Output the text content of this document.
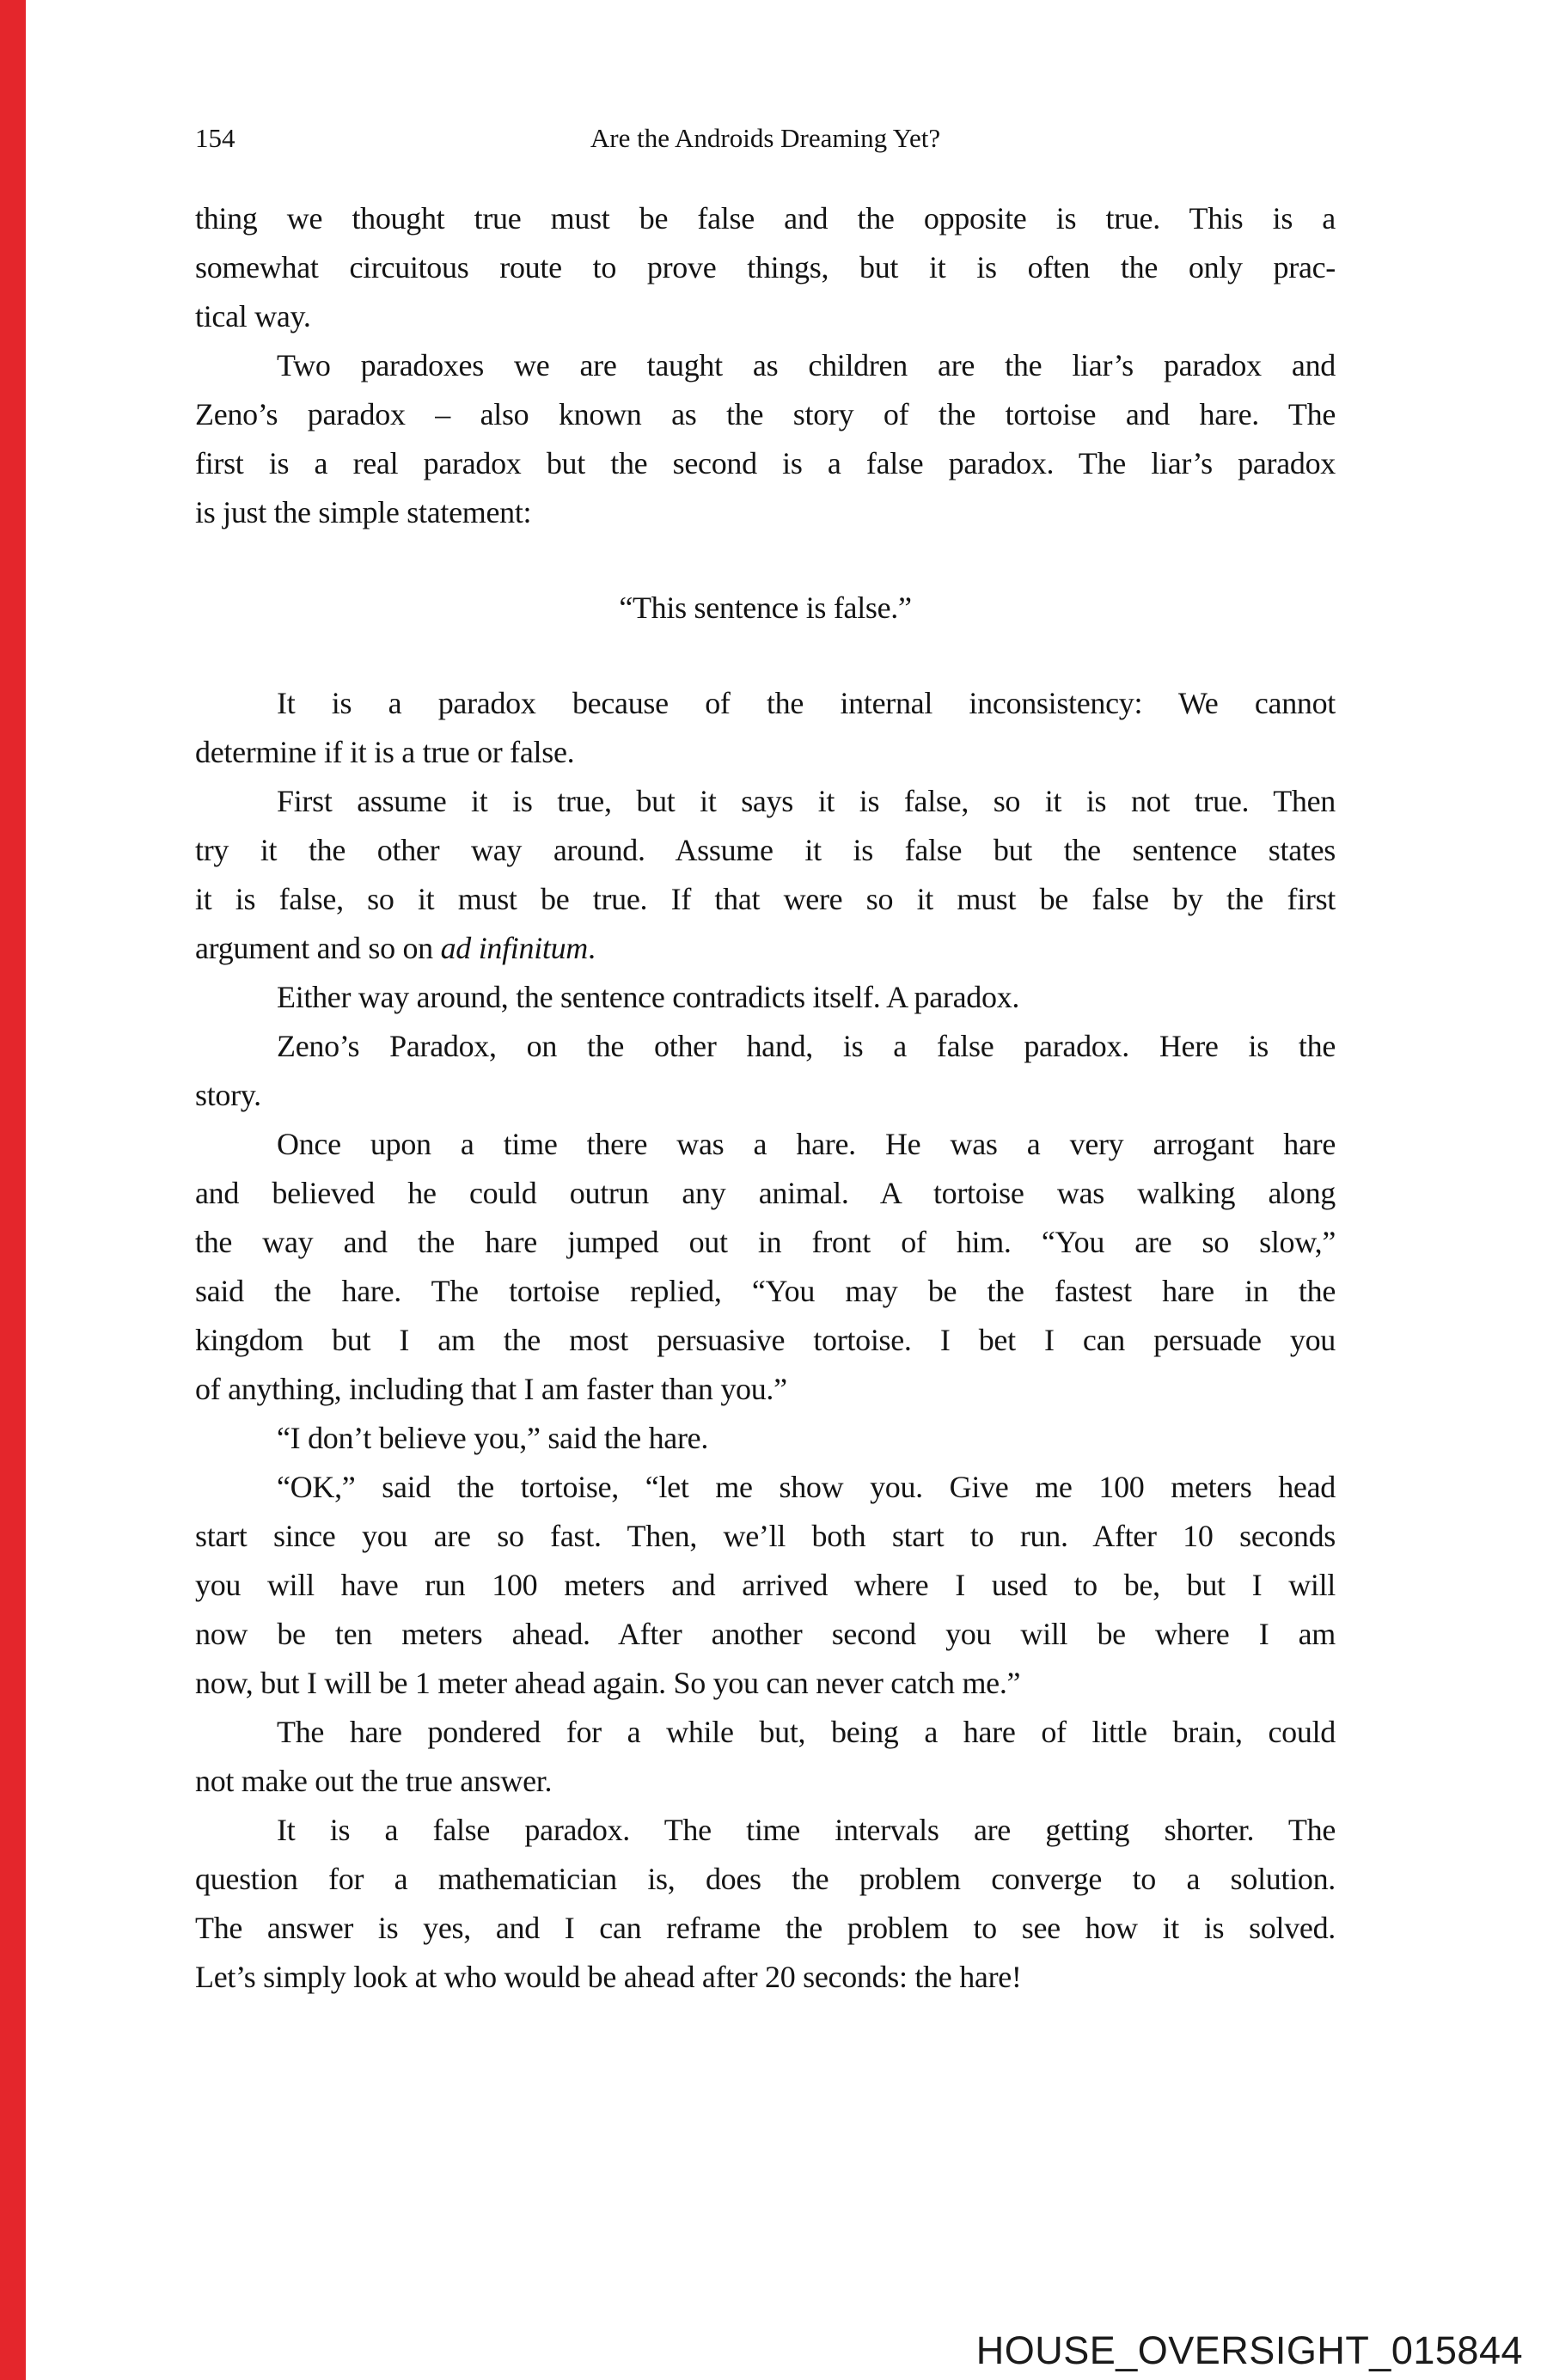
Are the Androids Dreaming Yet?
154
thing we thought true must be false and the opposite is true. This is a
somewhat circuitous route to prove things, but it is often the only prac-
tical way.
Two paradoxes we are taught as children are the liar’s paradox and
Zeno’s paradox – also known as the story of the tortoise and hare. The
first is a real paradox but the second is a false paradox. The liar’s paradox
is just the simple statement:
“This sentence is false.”
It is a paradox because of the internal inconsistency: We cannot
determine if it is a true or false.
First assume it is true, but it says it is false, so it is not true. Then
try it the other way around. Assume it is false but the sentence states
it is false, so it must be true. If that were so it must be false by the first
argument and so on ad infinitum.
Either way around, the sentence contradicts itself. A paradox.
Zeno’s Paradox, on the other hand, is a false paradox. Here is the
story.
Once upon a time there was a hare. He was a very arrogant hare
and believed he could outrun any animal. A tortoise was walking along
the way and the hare jumped out in front of him. “You are so slow,”
said the hare. The tortoise replied, “You may be the fastest hare in the
kingdom but I am the most persuasive tortoise. I bet I can persuade you
of anything, including that I am faster than you.”
“I don’t believe you,” said the hare.
“OK,” said the tortoise, “let me show you. Give me 100 meters head
start since you are so fast. Then, we’ll both start to run. After 10 seconds
you will have run 100 meters and arrived where I used to be, but I will
now be ten meters ahead. After another second you will be where I am
now, but I will be 1 meter ahead again. So you can never catch me.”
The hare pondered for a while but, being a hare of little brain, could
not make out the true answer.
It is a false paradox. The time intervals are getting shorter. The
question for a mathematician is, does the problem converge to a solution.
The answer is yes, and I can reframe the problem to see how it is solved.
Let’s simply look at who would be ahead after 20 seconds: the hare!
HOUSE_OVERSIGHT_015844
